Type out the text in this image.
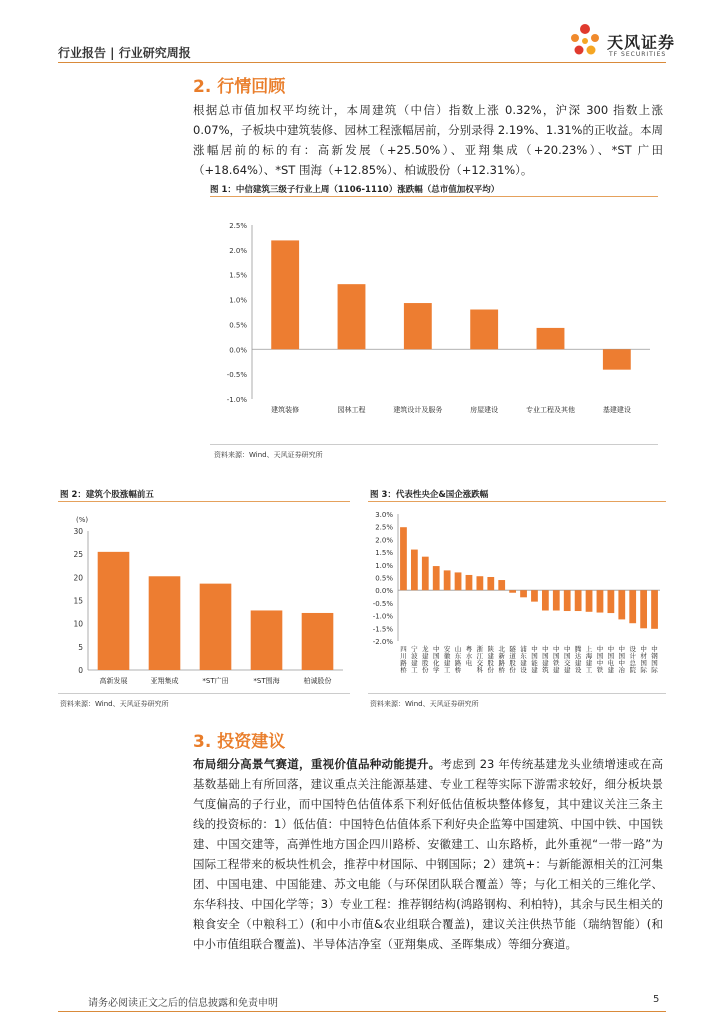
行业报告 | 行业研究周报
天风证券
TF SECURITIES
2. 行情回顾
根据总市值加权平均统计，本周建筑（中信）指数上涨 0.32%，沪深 300 指数上涨 0.07%，子板块中建筑装修、园林工程涨幅居前，分别录得 2.19%、1.31%的正收益。本周涨幅居前的标的有：高新发展（+25.50%）、亚翔集成（+20.23%）、*ST 广田（+18.64%）、*ST 围海（+12.85%）、柏诚股份（+12.31%）。
图 1：中信建筑三级子行业上周（1106-1110）涨跌幅（总市值加权平均）
2.5%
2.0%
1.5%
1.0%
0.5%
0.0%
-0.5%
-1.0%
建筑装修	园林工程	建筑设计及服务	房屋建设	专业工程及其他	基建建设
资料来源：Wind、天风证券研究所
图 2：建筑个股涨幅前五
(%)
30
25
20
15
10
5
0
高新发展	亚翔集成	*ST广田	*ST围海	柏诚股份
资料来源：Wind、天风证券研究所
图 3：代表性央企&国企涨跌幅
3.0%
2.5%
2.0%
1.5%
1.0%
0.5%
0.0%
-0.5%
-1.0%
-1.5%
-2.0%
四川路桥
宁波建工
龙建股份
中国化学
安徽建工
山东路桥
粤水电
浙江交科
陕建股份
北新路桥
隧道股份
浦东建设
中国能建
中国建筑
中国铁建
中国交建
腾达建设
上海建工
中国中铁
中国电建
中国中冶
设计总院
中材国际
中钢国际
资料来源：Wind、天风证券研究所
3. 投资建议
布局细分高景气赛道，重视价值品种动能提升。考虑到 23 年传统基建龙头业绩增速或在高基数基础上有所回落，建议重点关注能源基建、专业工程等实际下游需求较好，细分板块景气度偏高的子行业，而中国特色估值体系下利好低估值板块整体修复，其中建议关注三条主线的投资标的：1）低估值：中国特色估值体系下利好央企监筹中国建筑、中国中铁、中国铁建、中国交建等，高弹性地方国企四川路桥、安徽建工、山东路桥，此外重视“一带一路”为国际工程带来的板块性机会，推荐中材国际、中钢国际；2）建筑+：与新能源相关的江河集团、中国电建、中国能建、苏文电能（与环保团队联合覆盖）等；与化工相关的三维化学、东华科技、中国化学等；3）专业工程：推荐钢结构(鸿路钢构、利柏特)，其余与民生相关的粮食安全（中粮科工）(和中小市值&农业组联合覆盖)，建议关注供热节能（瑞纳智能）(和中小市值组联合覆盖)、半导体洁净室（亚翔集成、圣晖集成）等细分赛道。
请务必阅读正文之后的信息披露和免责申明	5
